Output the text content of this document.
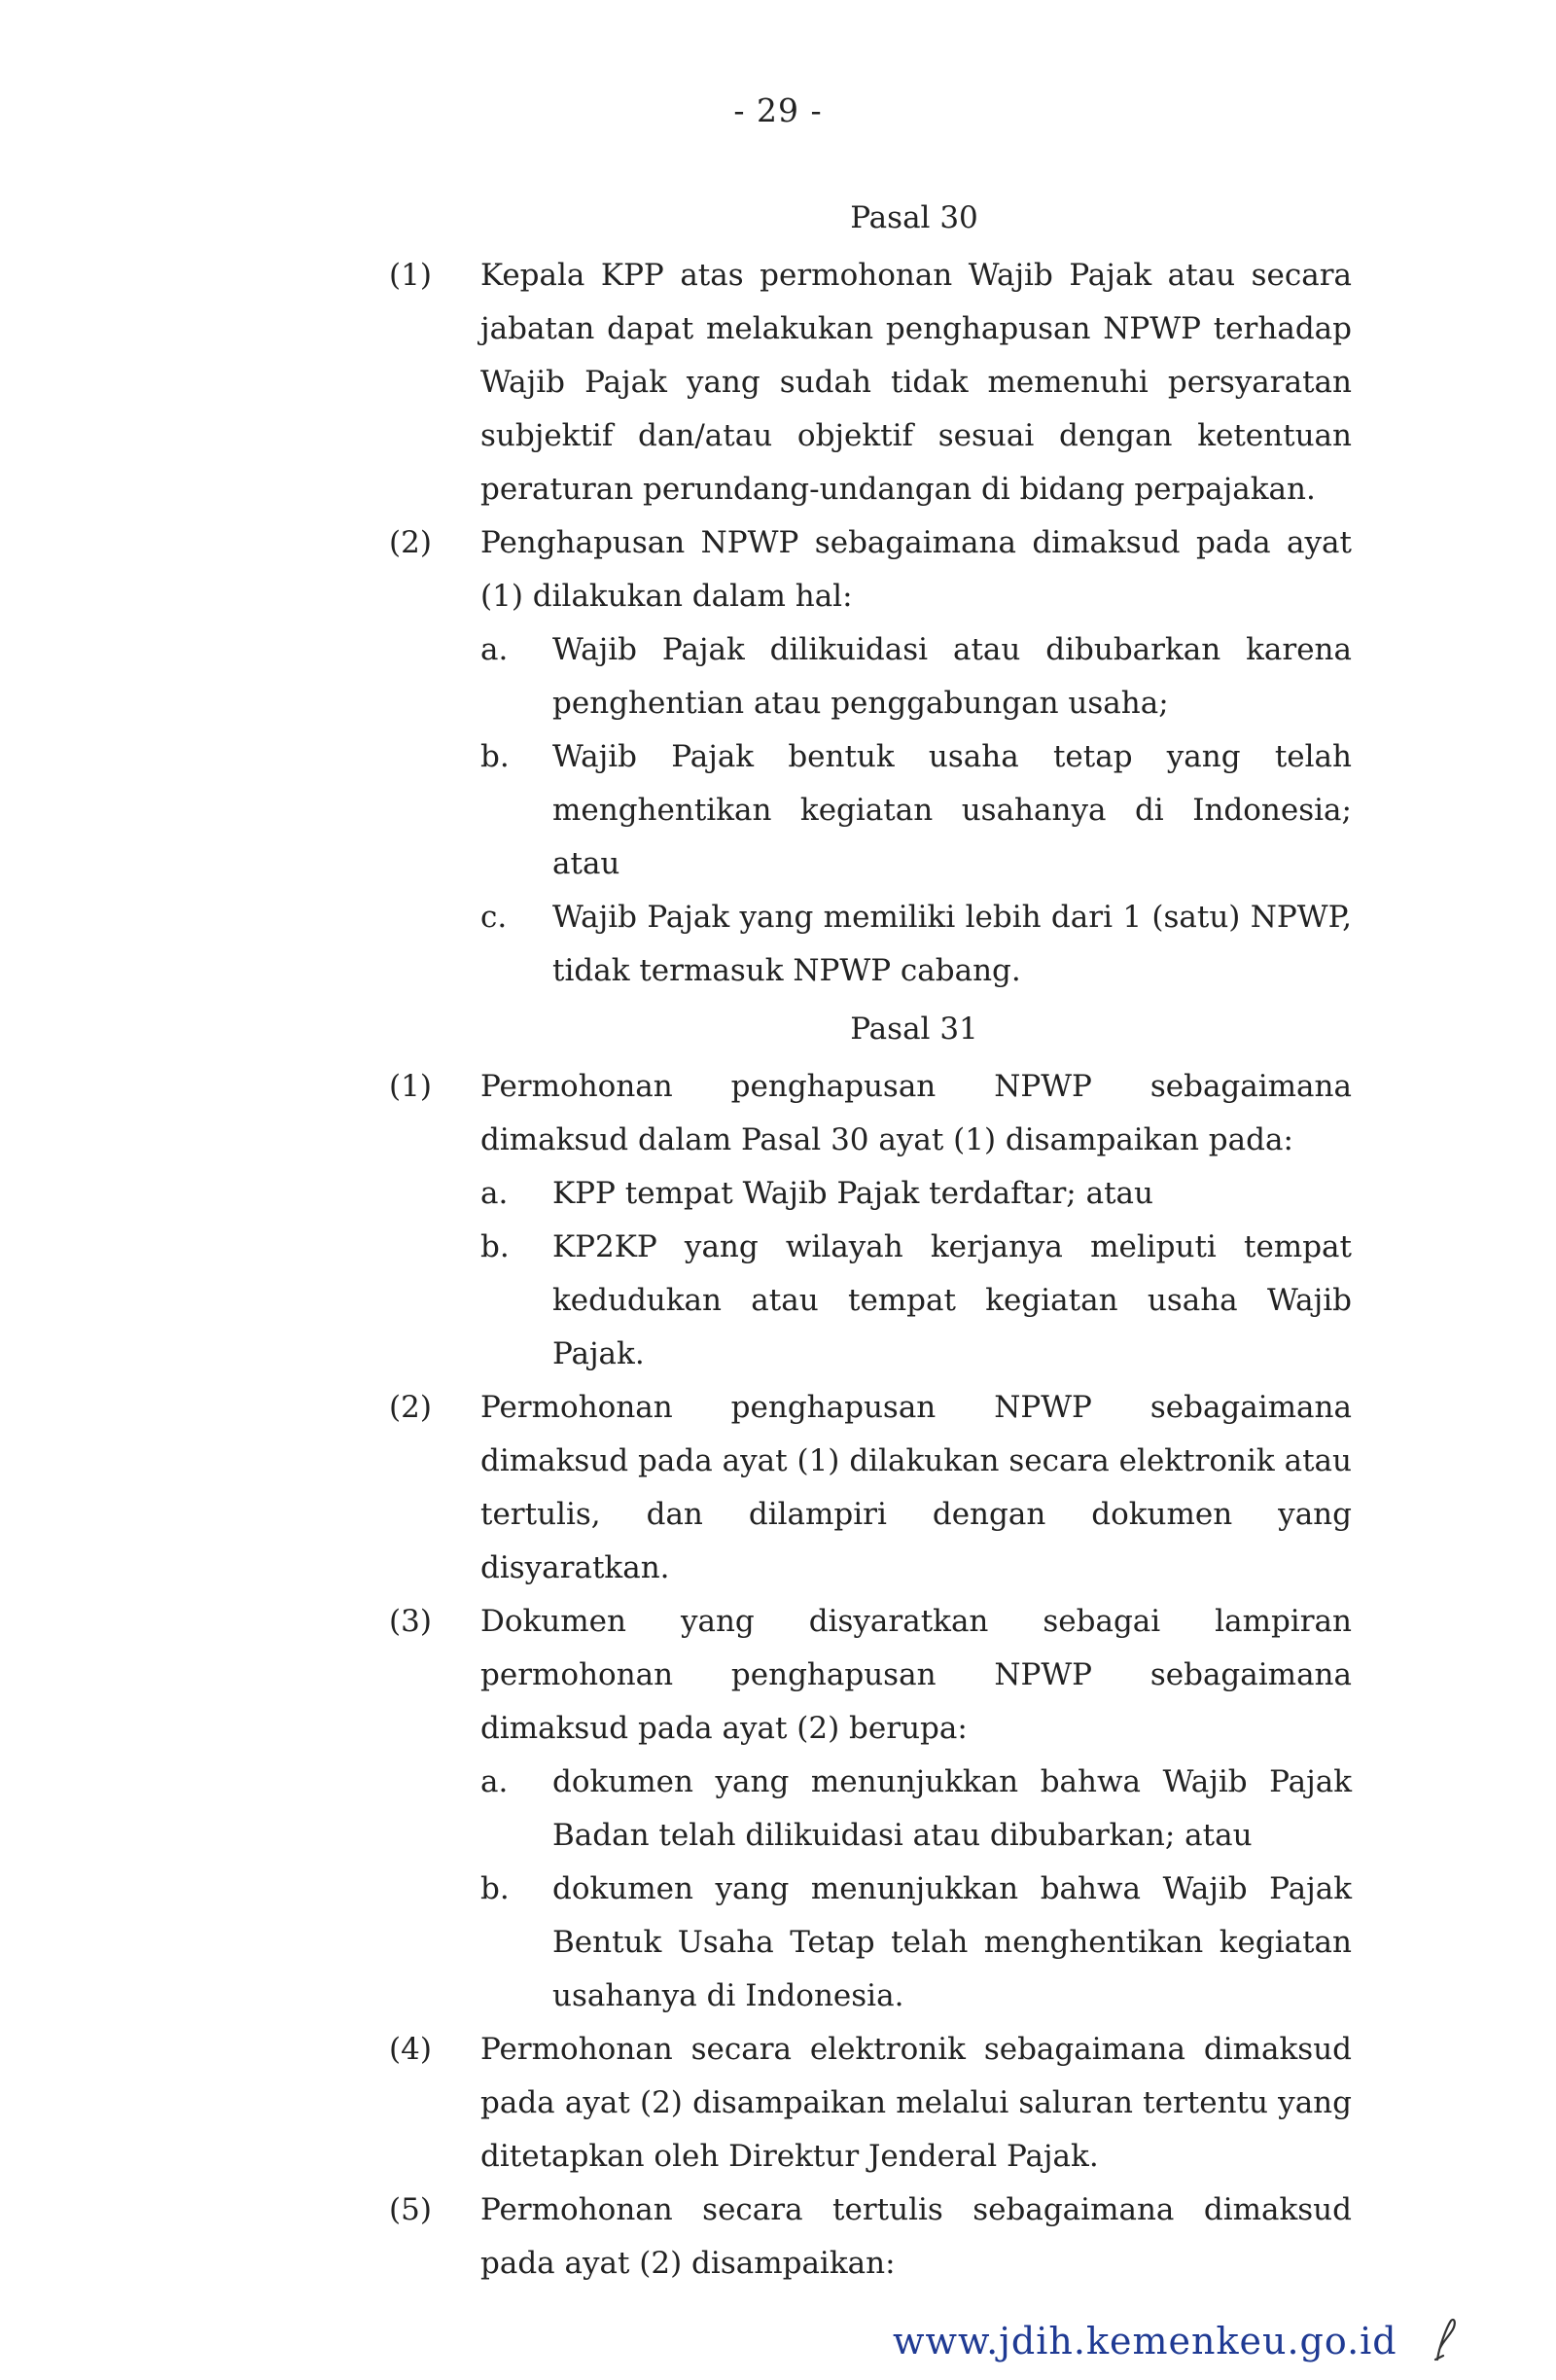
- 29 -
Pasal 30
(1)	Kepala KPP atas permohonan Wajib Pajak atau secara jabatan dapat melakukan penghapusan NPWP terhadap Wajib Pajak yang sudah tidak memenuhi persyaratan subjektif dan/atau objektif sesuai dengan ketentuan peraturan perundang-undangan di bidang perpajakan.
(2)	Penghapusan NPWP sebagaimana dimaksud pada ayat (1) dilakukan dalam hal:
a.	Wajib Pajak dilikuidasi atau dibubarkan karena penghentian atau penggabungan usaha;
b.	Wajib Pajak bentuk usaha tetap yang telah menghentikan kegiatan usahanya di Indonesia; atau
c.	Wajib Pajak yang memiliki lebih dari 1 (satu) NPWP, tidak termasuk NPWP cabang.
Pasal 31
(1)	Permohonan penghapusan NPWP sebagaimana dimaksud dalam Pasal 30 ayat (1) disampaikan pada:
a.	KPP tempat Wajib Pajak terdaftar; atau
b.	KP2KP yang wilayah kerjanya meliputi tempat kedudukan atau tempat kegiatan usaha Wajib Pajak.
(2)	Permohonan penghapusan NPWP sebagaimana dimaksud pada ayat (1) dilakukan secara elektronik atau tertulis, dan dilampiri dengan dokumen yang disyaratkan.
(3)	Dokumen yang disyaratkan sebagai lampiran permohonan penghapusan NPWP sebagaimana dimaksud pada ayat (2) berupa:
a.	dokumen yang menunjukkan bahwa Wajib Pajak Badan telah dilikuidasi atau dibubarkan; atau
b.	dokumen yang menunjukkan bahwa Wajib Pajak Bentuk Usaha Tetap telah menghentikan kegiatan usahanya di Indonesia.
(4)	Permohonan secara elektronik sebagaimana dimaksud pada ayat (2) disampaikan melalui saluran tertentu yang ditetapkan oleh Direktur Jenderal Pajak.
(5)	Permohonan secara tertulis sebagaimana dimaksud pada ayat (2) disampaikan:
www.jdih.kemenkeu.go.id
